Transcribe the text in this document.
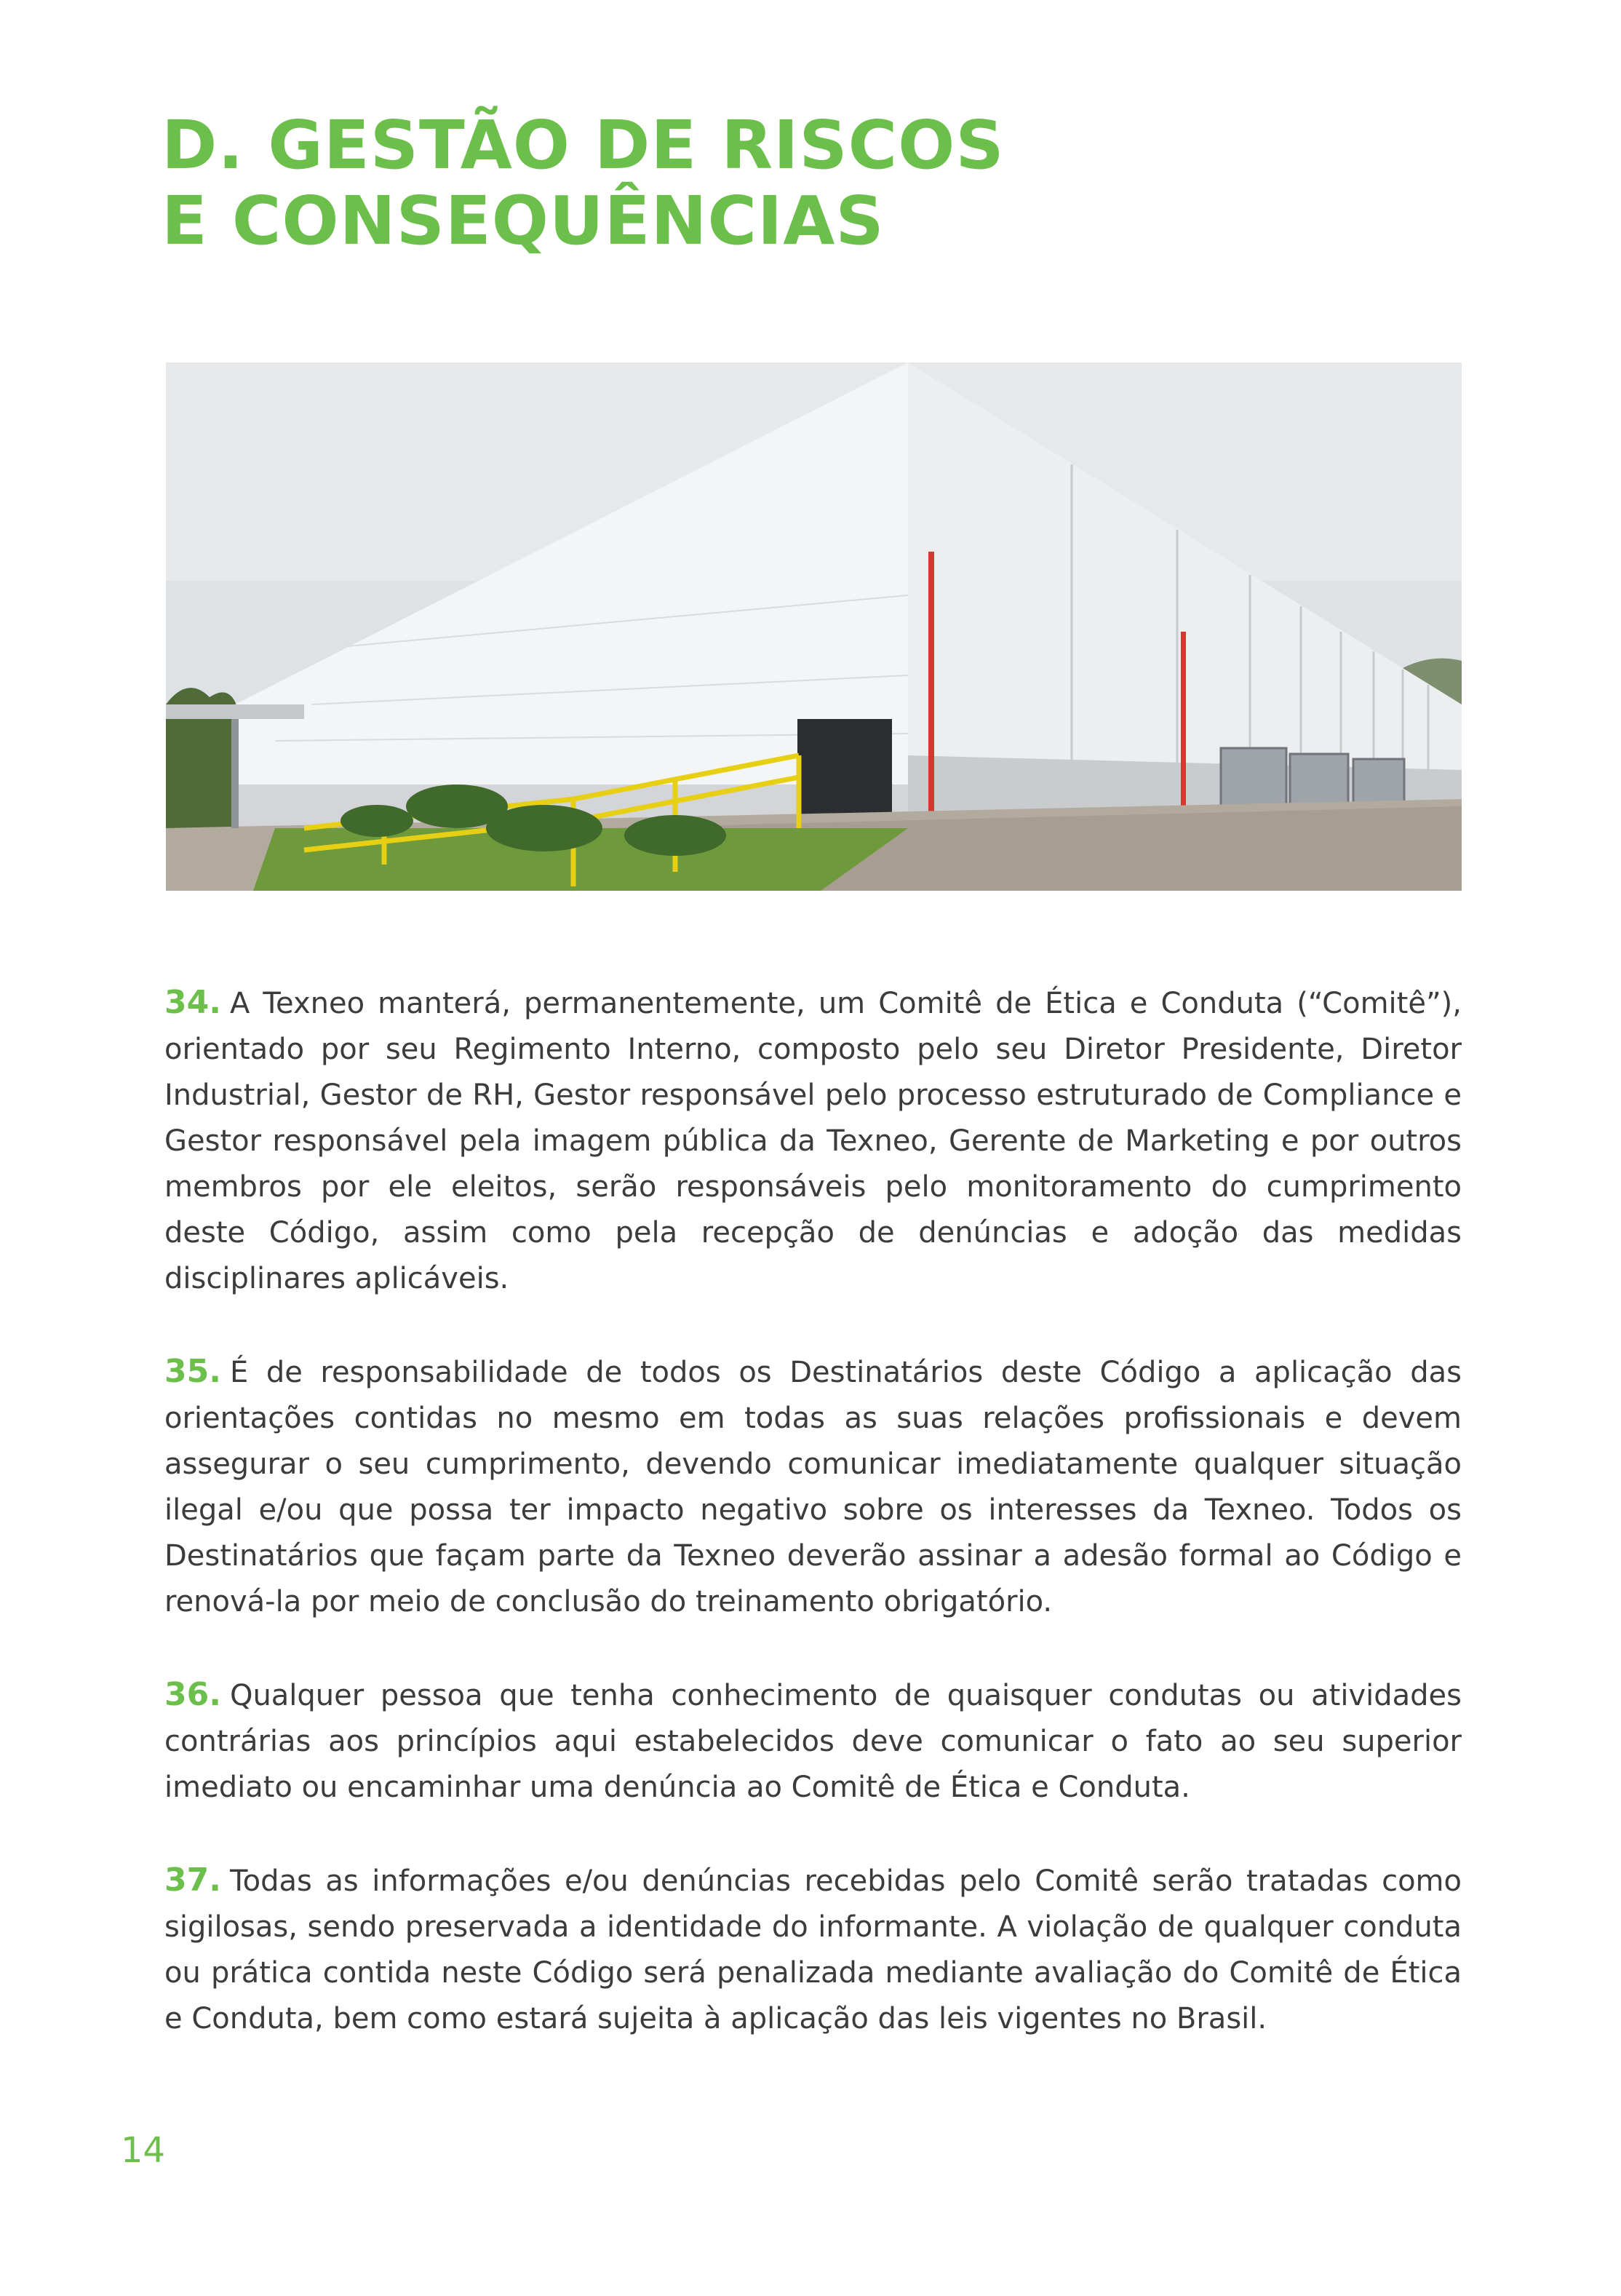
D. GESTÃO DE RISCOS
E CONSEQUÊNCIAS

34. A Texneo manterá, permanentemente, um Comitê de Ética e Conduta (“Comitê”), orientado por seu Regimento Interno, composto pelo seu Diretor Presidente, Diretor Industrial, Gestor de RH, Gestor responsável pelo processo estruturado de Compliance e Gestor responsável pela imagem pública da Texneo, Gerente de Marketing e por outros membros por ele eleitos, serão responsáveis pelo monitoramento do cumprimento deste Código, assim como pela recepção de denúncias e adoção das medidas disciplinares aplicáveis.

35. É de responsabilidade de todos os Destinatários deste Código a aplicação das orientações contidas no mesmo em todas as suas relações profissionais e devem assegurar o seu cumprimento, devendo comunicar imediatamente qualquer situação ilegal e/ou que possa ter impacto negativo sobre os interesses da Texneo. Todos os Destinatários que façam parte da Texneo deverão assinar a adesão formal ao Código e renová-la por meio de conclusão do treinamento obrigatório.

36. Qualquer pessoa que tenha conhecimento de quaisquer condutas ou atividades contrárias aos princípios aqui estabelecidos deve comunicar o fato ao seu superior imediato ou encaminhar uma denúncia ao Comitê de Ética e Conduta.

37. Todas as informações e/ou denúncias recebidas pelo Comitê serão tratadas como sigilosas, sendo preservada a identidade do informante. A violação de qualquer conduta ou prática contida neste Código será penalizada mediante avaliação do Comitê de Ética e Conduta, bem como estará sujeita à aplicação das leis vigentes no Brasil.

14
